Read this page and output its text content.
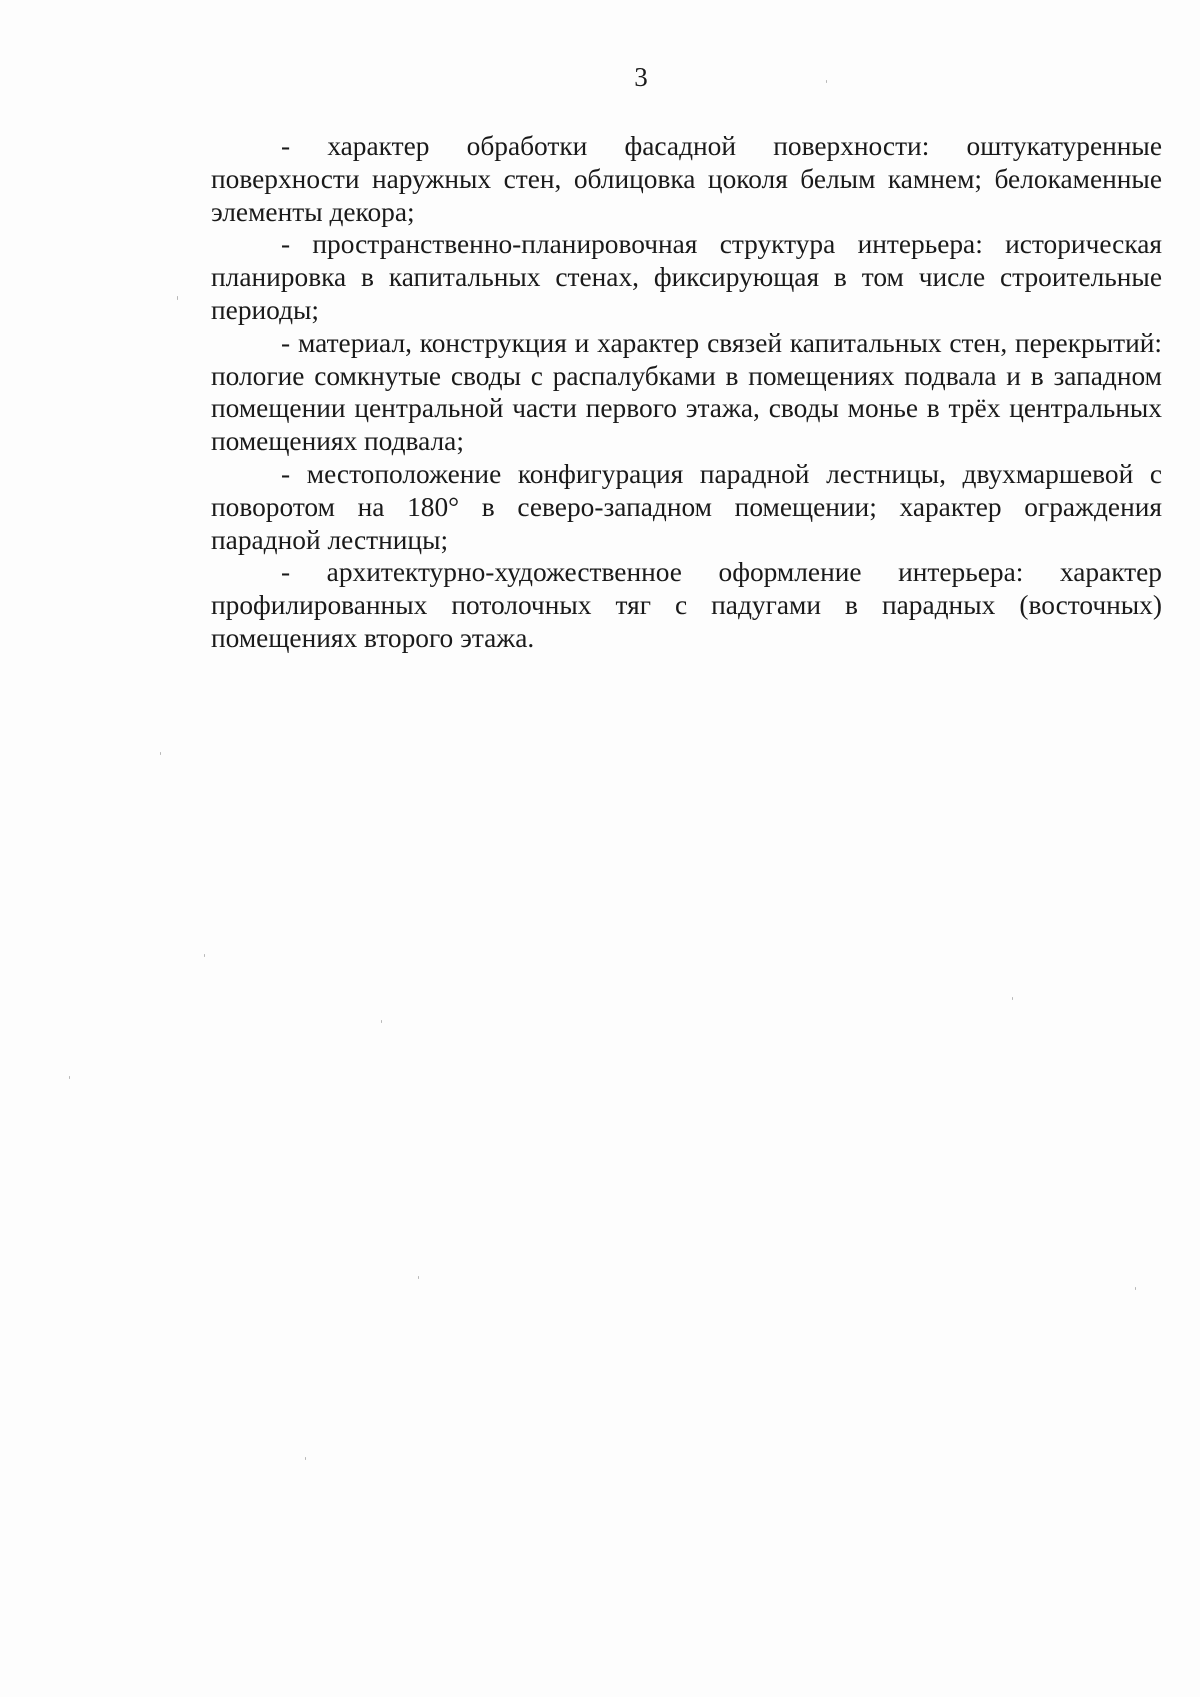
3

- характер обработки фасадной поверхности: оштукатуренные поверхности наружных стен, облицовка цоколя белым камнем; белокаменные элементы декора;

- пространственно-планировочная структура интерьера: историческая планировка в капитальных стенах, фиксирующая в том числе строительные периоды;

- материал, конструкция и характер связей капитальных стен, перекрытий: пологие сомкнутые своды с распалубками в помещениях подвала и в западном помещении центральной части первого этажа, своды монье в трёх центральных помещениях подвала;

- местоположение конфигурация парадной лестницы, двухмаршевой с поворотом на 180° в северо-западном помещении; характер ограждения парадной лестницы;

- архитектурно-художественное оформление интерьера: характер профилированных потолочных тяг с падугами в парадных (восточных) помещениях второго этажа.
